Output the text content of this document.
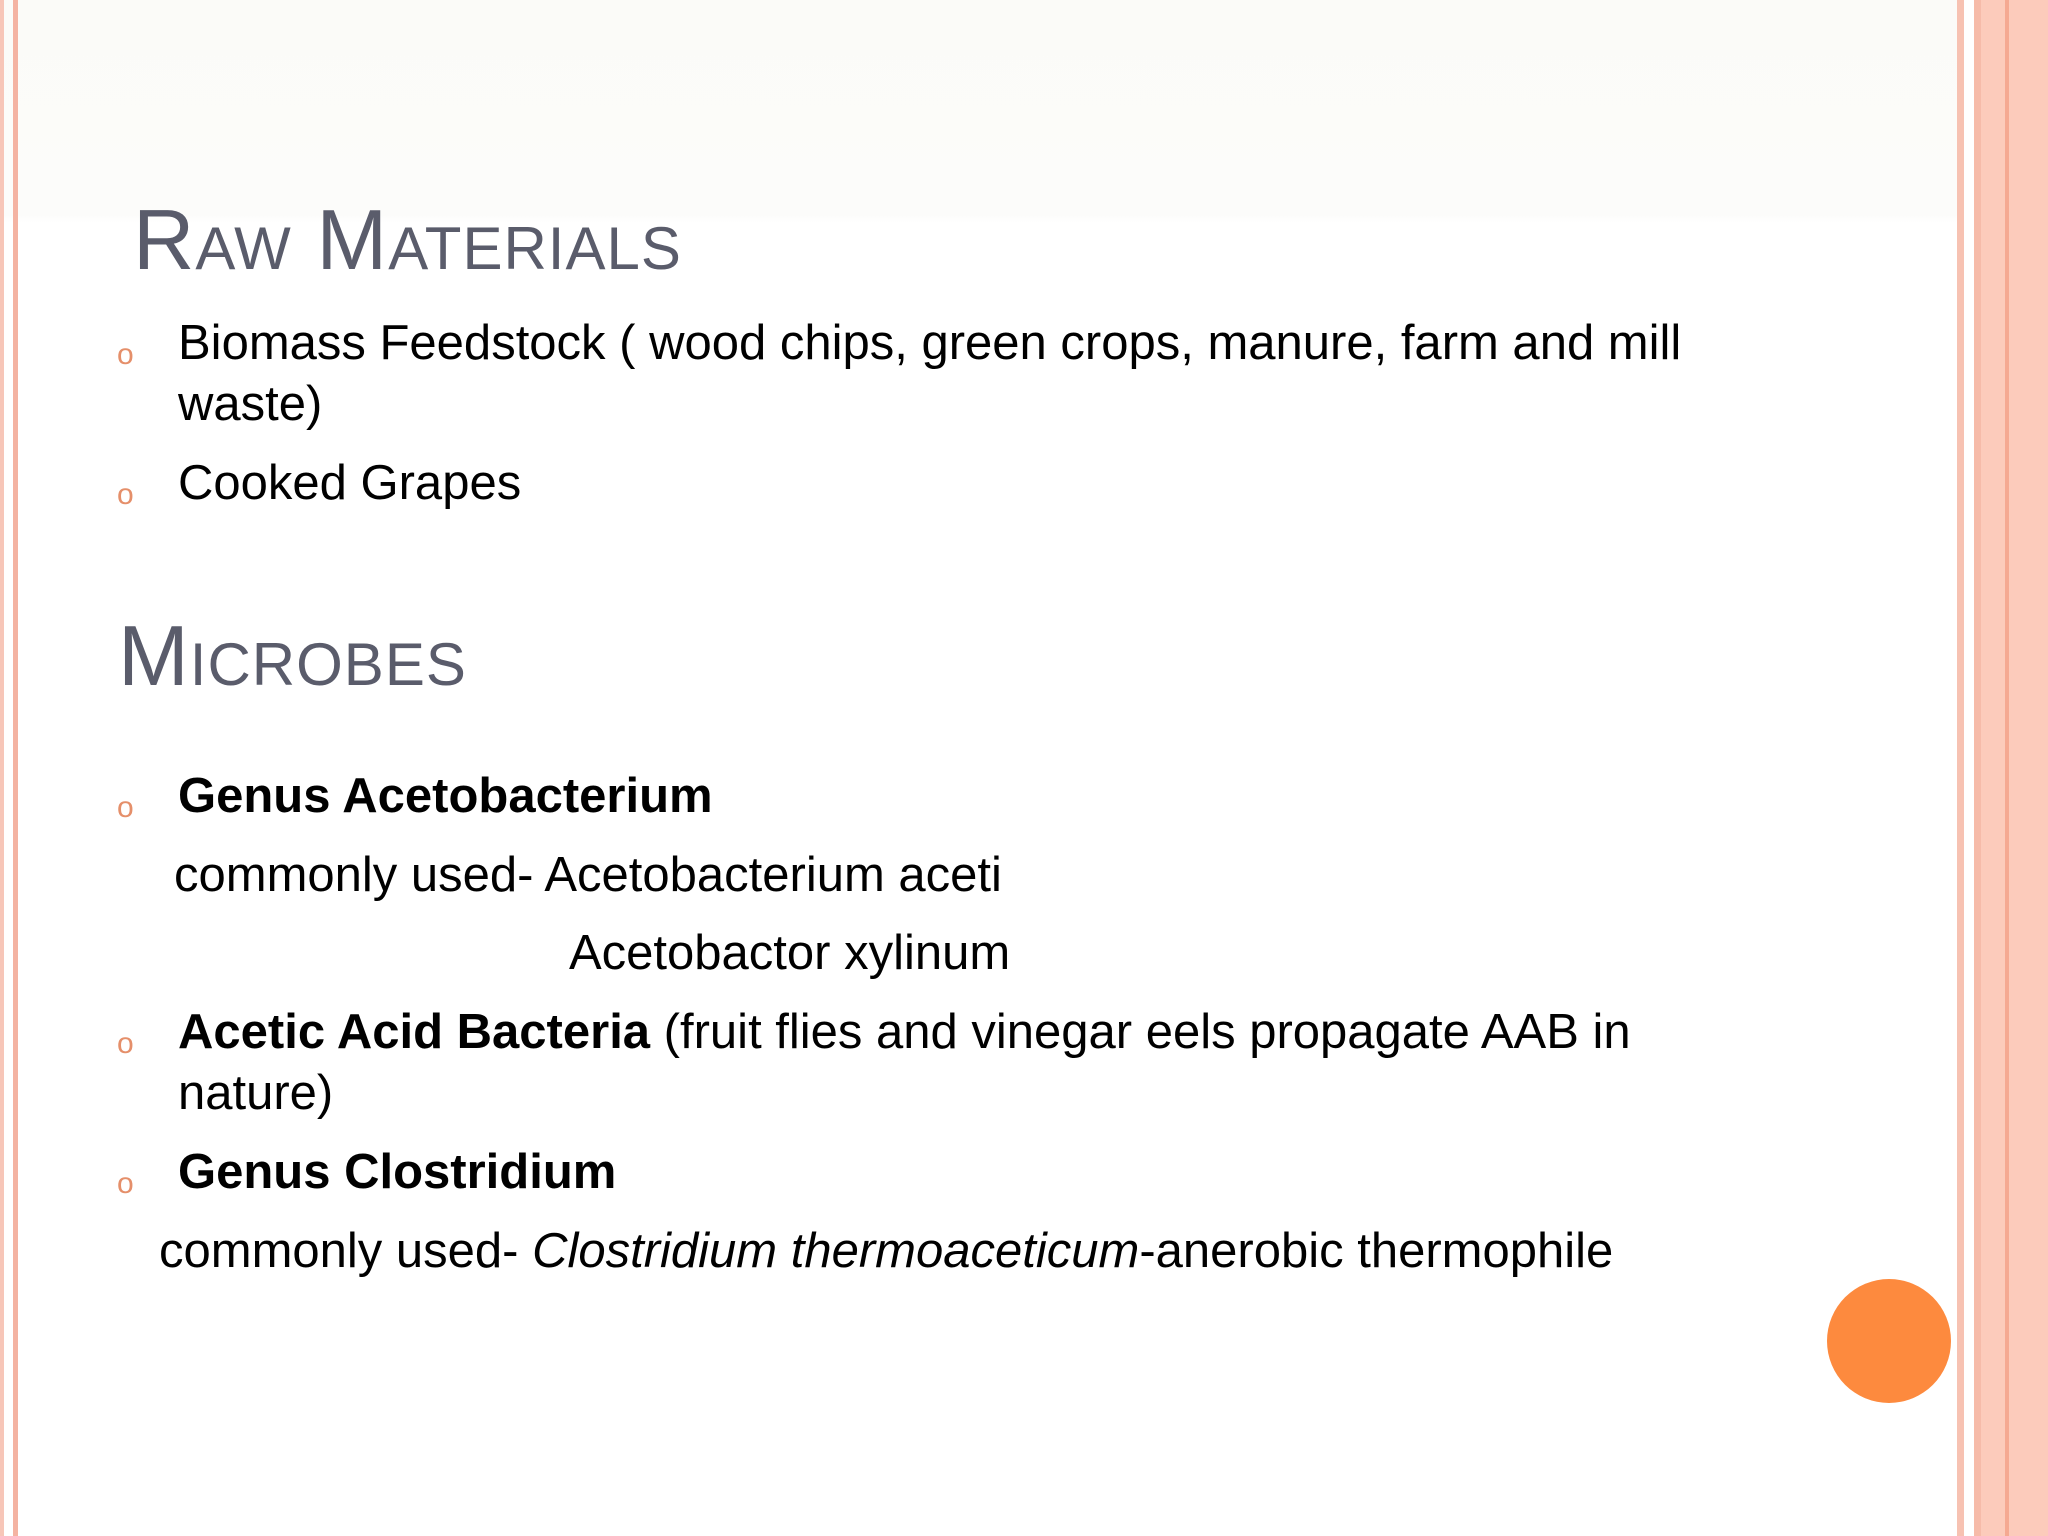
Raw Materials
o Biomass Feedstock ( wood chips, green crops, manure, farm and mill
waste)
o Cooked Grapes
Microbes
o Genus Acetobacterium
commonly used- Acetobacterium aceti
Acetobactor xylinum
o Acetic Acid Bacteria (fruit flies and vinegar eels propagate AAB in
nature)
o Genus Clostridium
commonly used- Clostridium thermoaceticum-anerobic thermophile
